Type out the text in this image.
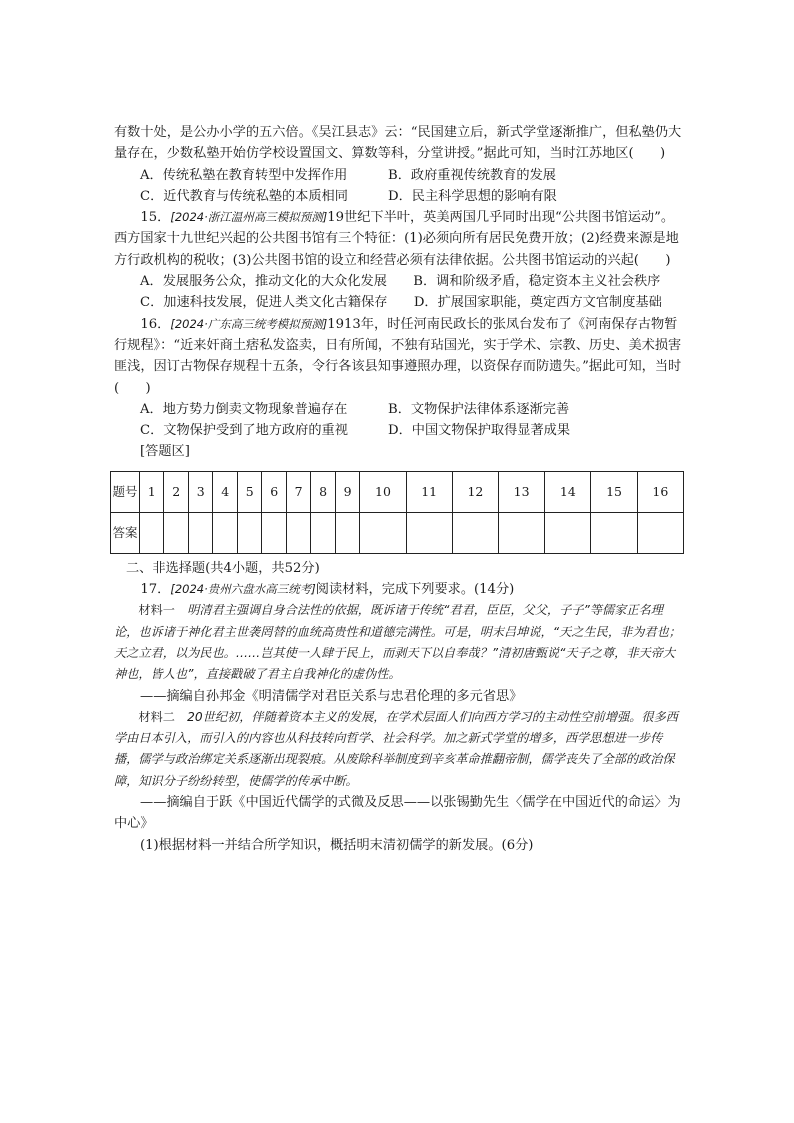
有数十处，是公办小学的五六倍。《吴江县志》云：“民国建立后，新式学堂逐渐推广，但私塾仍大量存在，少数私塾开始仿学校设置国文、算数等科，分堂讲授。”据此可知，当时江苏地区(　　)

A．传统私塾在教育转型中发挥作用	B．政府重视传统教育的发展
C．近代教育与传统私塾的本质相同	D．民主科学思想的影响有限

15．[2024·浙江温州高三模拟预测]19世纪下半叶，英美两国几乎同时出现“公共图书馆运动”。西方国家十九世纪兴起的公共图书馆有三个特征：(1)必须向所有居民免费开放；(2)经费来源是地方行政机构的税收；(3)公共图书馆的设立和经营必须有法律依据。公共图书馆运动的兴起(　　)

A．发展服务公众，推动文化的大众化发展　　B．调和阶级矛盾，稳定资本主义社会秩序

C．加速科技发展，促进人类文化古籍保存　　D．扩展国家职能，奠定西方文官制度基础

16．[2024·广东高三统考模拟预测]1913年，时任河南民政长的张凤台发布了《河南保存古物暂行规程》：“近来奸商土痞私发盗卖，日有所闻，不独有玷国光，实于学术、宗教、历史、美术损害匪浅，因订古物保存规程十五条，令行各该县知事遵照办理，以资保存而防遗失。”据此可知，当时(　　)

A．地方势力倒卖文物现象普遍存在	B．文物保护法律体系逐渐完善
C．文物保护受到了地方政府的重视	D．中国文物保护取得显著成果

[答题区]

题号	1	2	3	4	5	6	7	8	9	10	11	12	13	14	15	16
答案																

二、非选择题(共4小题，共52分)

17．[2024·贵州六盘水高三统考]阅读材料，完成下列要求。(14分)

材料一　 明清君主强调自身合法性的依据，既诉诸于传统“君君，臣臣，父父，子子”等儒家正名理论，也诉诸于神化君主世袭罔替的血统高贵性和道德完满性。可是，明末吕坤说，“天之生民，非为君也；天之立君，以为民也。……岂其使一人肆于民上，而剥天下以自奉哉？”清初唐甄说“天子之尊，非天帝大神也，皆人也”，直接戳破了君主自我神化的虚伪性。

——摘编自孙邦金《明清儒学对君臣关系与忠君伦理的多元省思》

材料二　 20世纪初，伴随着资本主义的发展，在学术层面人们向西方学习的主动性空前增强。很多西学由日本引入，而引入的内容也从科技转向哲学、社会科学。加之新式学堂的增多，西学思想进一步传播，儒学与政治绑定关系逐渐出现裂痕。从废除科举制度到辛亥革命推翻帝制，儒学丧失了全部的政治保障，知识分子纷纷转型，使儒学的传承中断。

——摘编自于跃《中国近代儒学的式微及反思——以张锡勤先生〈儒学在中国近代的命运〉为中心》

(1)根据材料一并结合所学知识，概括明末清初儒学的新发展。(6分)
